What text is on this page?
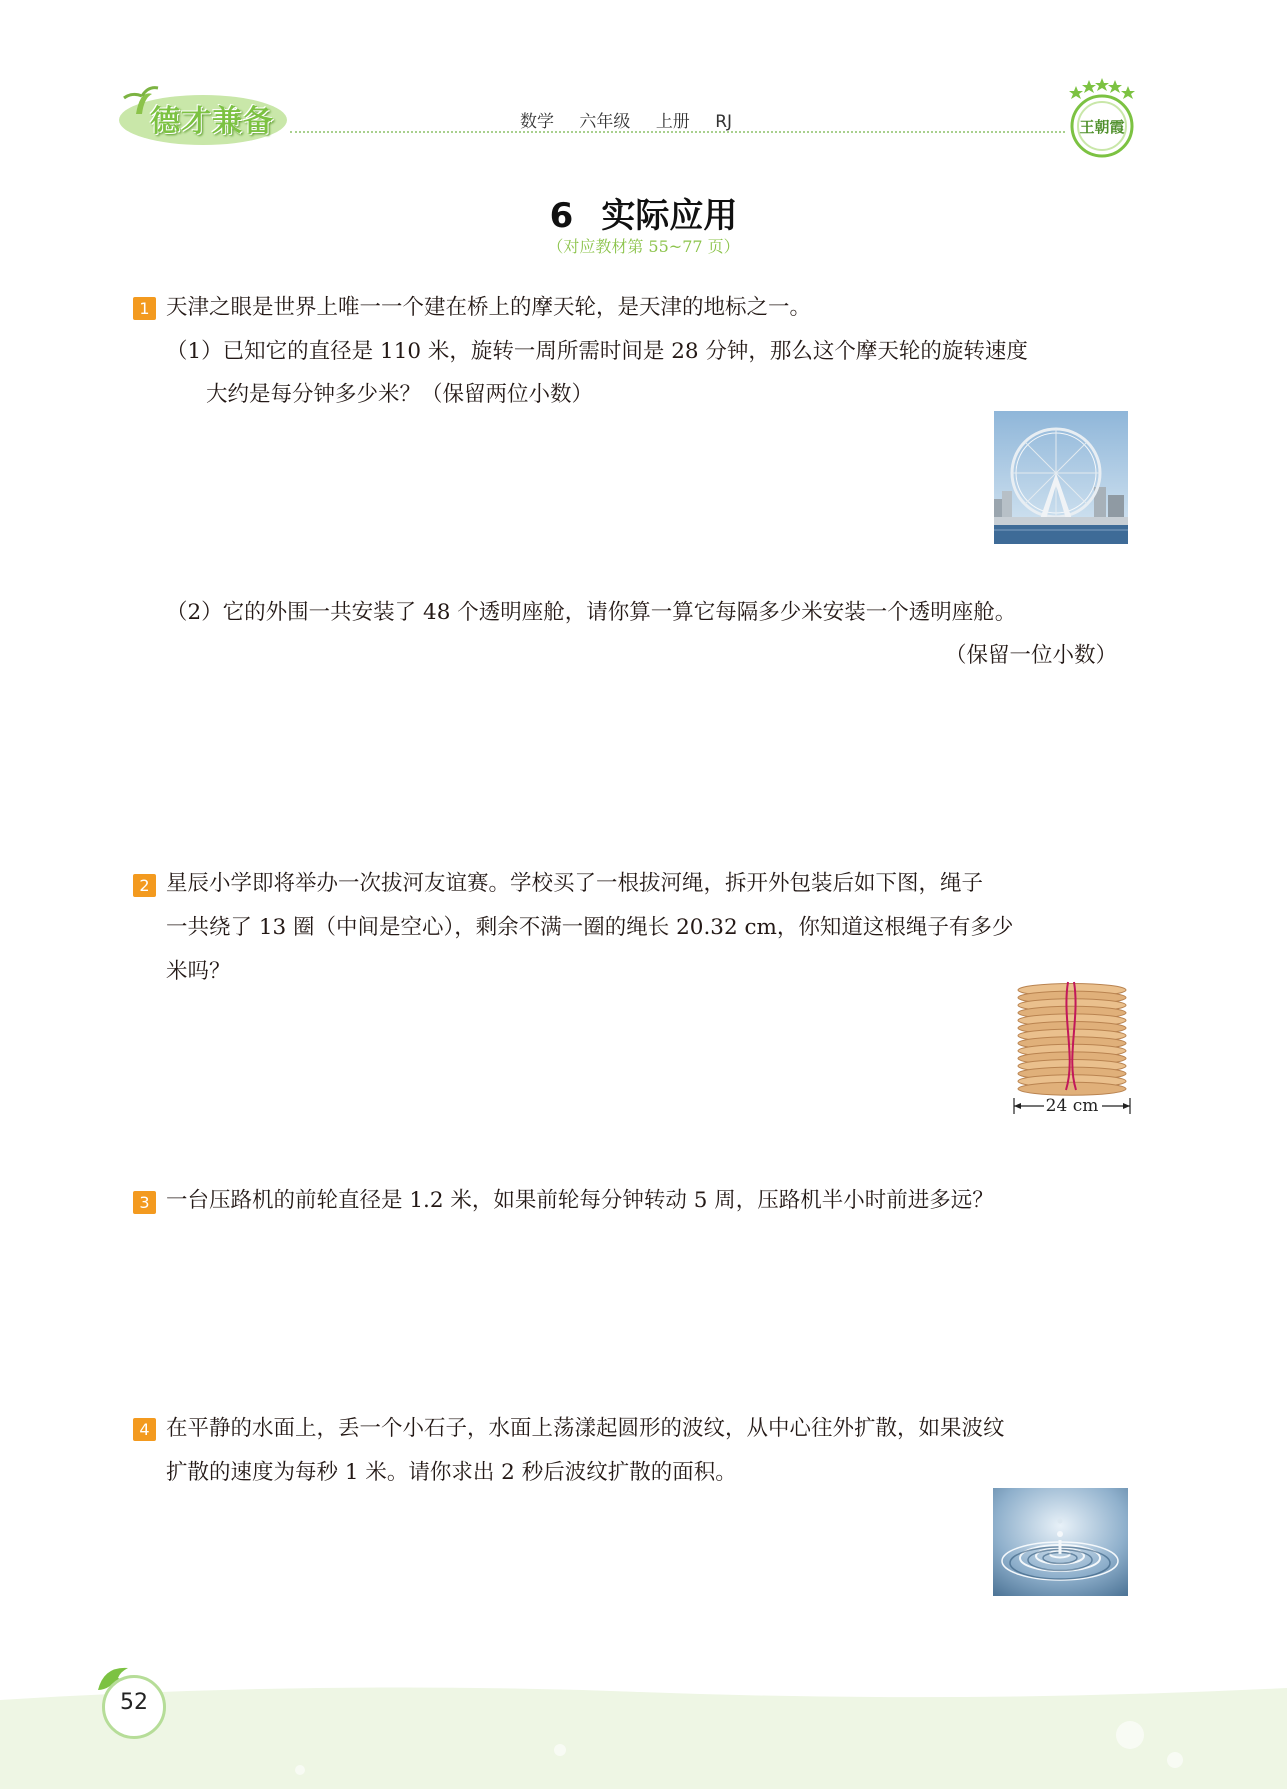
德才兼备	数学 六年级 上册 RJ	王朝霞
6 实际应用
（对应教材第 55~77 页）
1 天津之眼是世界上唯一一个建在桥上的摩天轮，是天津的地标之一。
（1）已知它的直径是 110 米，旋转一周所需时间是 28 分钟，那么这个摩天轮的旋转速度
大约是每分钟多少米？（保留两位小数）
（2）它的外围一共安装了 48 个透明座舱，请你算一算它每隔多少米安装一个透明座舱。
（保留一位小数）
2 星辰小学即将举办一次拔河友谊赛。学校买了一根拔河绳，拆开外包装后如下图，绳子
一共绕了 13 圈（中间是空心），剩余不满一圈的绳长 20.32 cm，你知道这根绳子有多少
米吗？
24 cm
3 一台压路机的前轮直径是 1.2 米，如果前轮每分钟转动 5 周，压路机半小时前进多远？
4 在平静的水面上，丢一个小石子，水面上荡漾起圆形的波纹，从中心往外扩散，如果波纹
扩散的速度为每秒 1 米。请你求出 2 秒后波纹扩散的面积。
52
